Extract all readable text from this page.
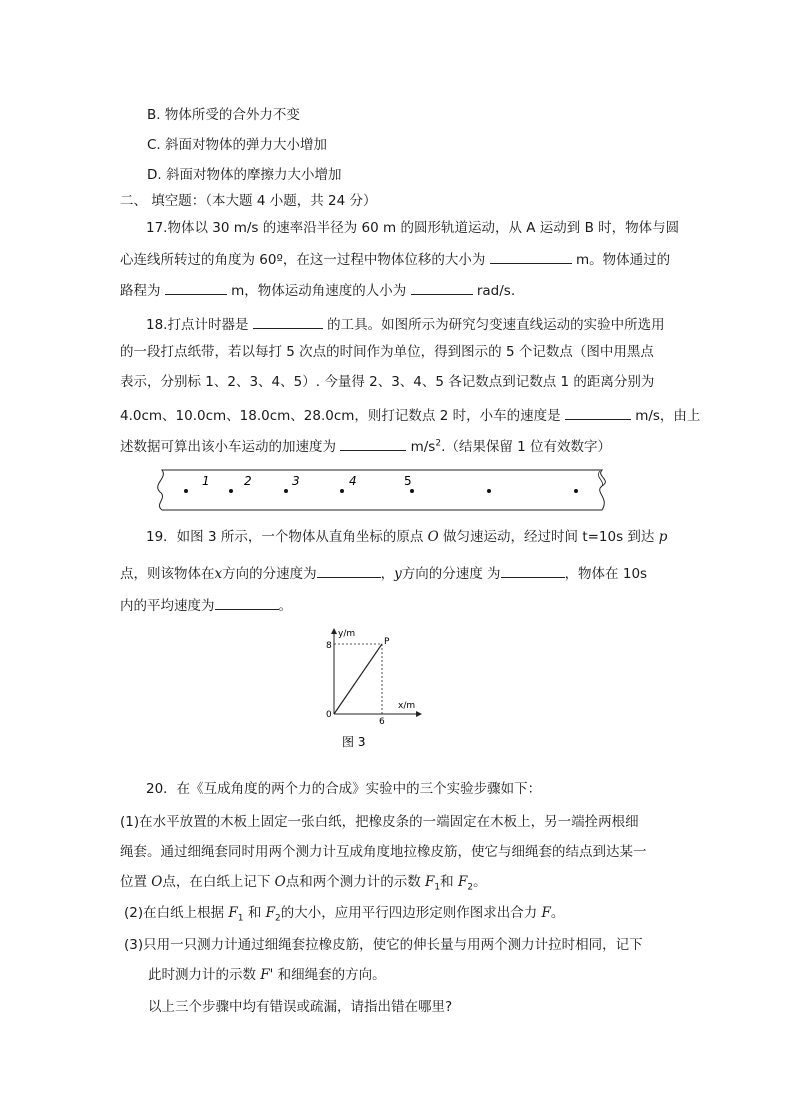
B. 物体所受的合外力不变
C. 斜面对物体的弹力大小增加
D. 斜面对物体的摩擦力大小增加
二、 填空题：（本大题 4 小题，共 24 分）
17.物体以 30 m/s 的速率沿半径为 60 m 的圆形轨道运动，从 A 运动到 B 时，物体与圆
心连线所转过的角度为 60º，在这一过程中物体位移的大小为	m。物体通过的
路程为	m，物体运动角速度的人小为	rad/s.
18.打点计时器是	的工具。如图所示为研究匀变速直线运动的实验中所选用
的一段打点纸带，若以每打 5 次点的时间作为单位，得到图示的 5 个记数点（图中用黑点
表示，分别标 1、2、3、4、5）. 今量得 2、3、4、5 各记数点到记数点 1 的距离分别为
4.0cm、10.0cm、18.0cm、28.0cm，则打记数点 2 时，小车的速度是	m/s，由上
述数据可算出该小车运动的加速度为	$m/s^2$.（结果保留 1 位有效数字）
1	2	3	4	5
19．如图 3 所示，一个物体从直角坐标的原点 O 做匀速运动，经过时间 t=10s 到达 p
点，则该物体在x方向的分速度为	，y方向的分速度 为	，物体在 10s
内的平均速度为	。
y/m
x/m
8
6
0
P
图 3
20．在《互成角度的两个力的合成》实验中的三个实验步骤如下：
(1)在水平放置的木板上固定一张白纸，把橡皮条的一端固定在木板上，另一端拴两根细
绳套。通过细绳套同时用两个测力计互成角度地拉橡皮筋，使它与细绳套的结点到达某一
位置 O点，在白纸上记下 O点和两个测力计的示数 $F_1$和 $F_2$。
(2)在白纸上根据 $F_1$ 和 $F_2$的大小，应用平行四边形定则作图求出合力 F。
(3)只用一只测力计通过细绳套拉橡皮筋，使它的伸长量与用两个测力计拉时相同，记下
此时测力计的示数 F' 和细绳套的方向。
以上三个步骤中均有错误或疏漏，请指出错在哪里?
